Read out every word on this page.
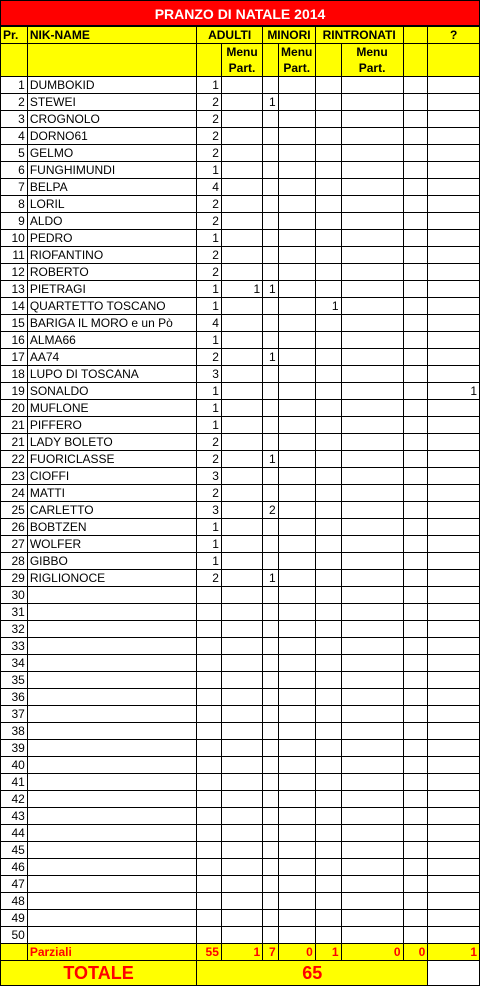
PRANZO DI NATALE 2014
Pr.	NIK-NAME	ADULTI		MINORI		RINTRONATI			?
			Menu Part.		Menu Part.		Menu Part.		
1	DUMBOKID	1							
2	STEWEI	2		1					
3	CROGNOLO	2							
4	DORNO61	2							
5	GELMO	2							
6	FUNGHIMUNDI	1							
7	BELPA	4							
8	LORIL	2							
9	ALDO	2							
10	PEDRO	1							
11	RIOFANTINO	2							
12	ROBERTO	2							
13	PIETRAGI	1	1	1					
14	QUARTETTO TOSCANO	1				1			
15	BARIGA IL MORO e un Pò	4							
16	ALMA66	1							
17	AA74	2		1					
18	LUPO DI TOSCANA	3							
19	SONALDO	1							1
20	MUFLONE	1							
21	PIFFERO	1							
21	LADY BOLETO	2							
22	FUORICLASSE	2		1					
23	CIOFFI	3							
24	MATTI	2							
25	CARLETTO	3		2					
26	BOBTZEN	1							
27	WOLFER	1							
28	GIBBO	1							
29	RIGLIONOCE	2		1					
30									
31									
32									
33									
34									
35									
36									
37									
38									
39									
40									
41									
42									
43									
44									
45									
46									
47									
48									
49									
50									
	Parziali	55	1	7	0	1	0	0	1
TOTALE		65							
